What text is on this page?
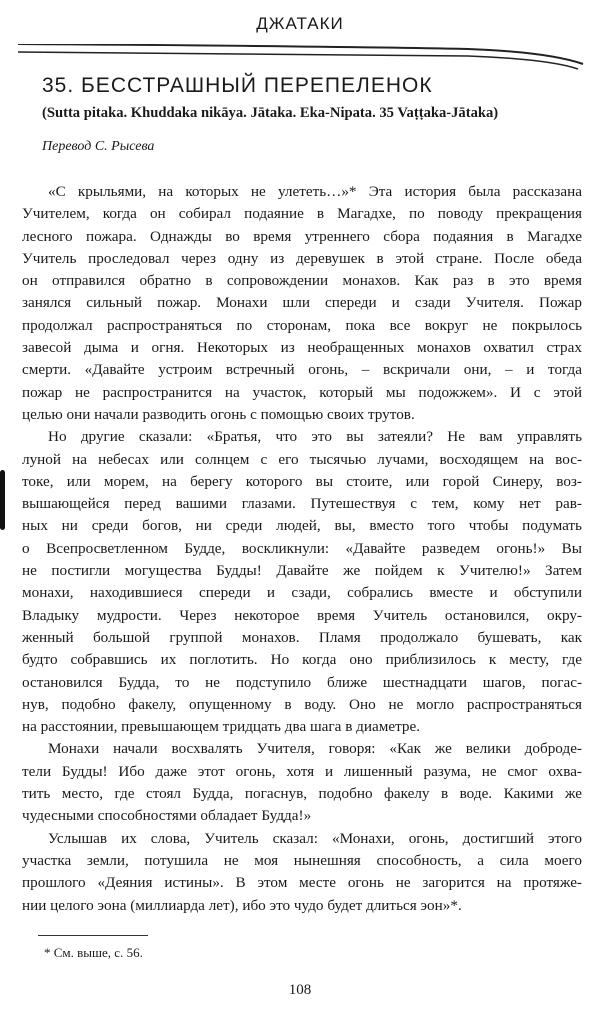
ДЖАТАКИ
35. БЕССТРАШНЫЙ ПЕРЕПЕЛЕНОК
(Sutta pitaka. Khuddaka nikāya. Jātaka. Eka-Nipata. 35 Vaṭṭaka-Jātaka)
Перевод С. Рысева
«С крыльями, на которых не улететь…»* Эта история была рассказана
Учителем, когда он собирал подаяние в Магадхе, по поводу прекращения
лесного пожара. Однажды во время утреннего сбора подаяния в Магадхе
Учитель проследовал через одну из деревушек в этой стране. После обеда
он отправился обратно в сопровождении монахов. Как раз в это время
занялся сильный пожар. Монахи шли спереди и сзади Учителя. Пожар
продолжал распространяться по сторонам, пока все вокруг не покрылось
завесой дыма и огня. Некоторых из необращенных монахов охватил страх
смерти. «Давайте устроим встречный огонь, – вскричали они, – и тогда
пожар не распространится на участок, который мы подожжем». И с этой
целью они начали разводить огонь с помощью своих трутов.
Но другие сказали: «Братья, что это вы затеяли? Не вам управлять
луной на небесах или солнцем с его тысячью лучами, восходящем на вос-
токе, или морем, на берегу которого вы стоите, или горой Синеру, воз-
вышающейся перед вашими глазами. Путешествуя с тем, кому нет рав-
ных ни среди богов, ни среди людей, вы, вместо того чтобы подумать
о Всепросветленном Будде, воскликнули: «Давайте разведем огонь!» Вы
не постигли могущества Будды! Давайте же пойдем к Учителю!» Затем
монахи, находившиеся спереди и сзади, собрались вместе и обступили
Владыку мудрости. Через некоторое время Учитель остановился, окру-
женный большой группой монахов. Пламя продолжало бушевать, как
будто собравшись их поглотить. Но когда оно приблизилось к месту, где
остановился Будда, то не подступило ближе шестнадцати шагов, погас-
нув, подобно факелу, опущенному в воду. Оно не могло распространяться
на расстоянии, превышающем тридцать два шага в диаметре.
Монахи начали восхвалять Учителя, говоря: «Как же велики доброде-
тели Будды! Ибо даже этот огонь, хотя и лишенный разума, не смог охва-
тить место, где стоял Будда, погаснув, подобно факелу в воде. Какими же
чудесными способностями обладает Будда!»
Услышав их слова, Учитель сказал: «Монахи, огонь, достигший этого
участка земли, потушила не моя нынешняя способность, а сила моего
прошлого «Деяния истины». В этом месте огонь не загорится на протяже-
нии целого эона (миллиарда лет), ибо это чудо будет длиться эон»*.
* См. выше, с. 56.
108
